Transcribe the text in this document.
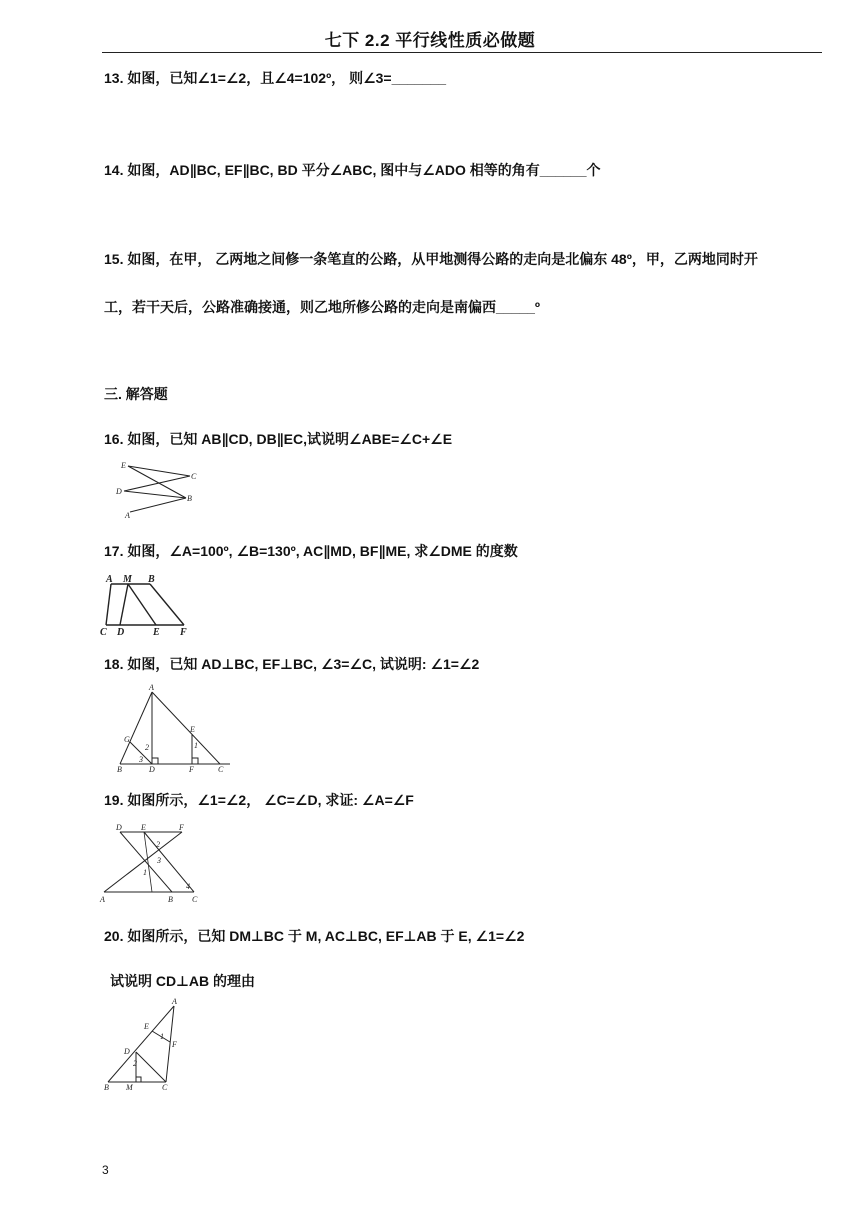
七下 2.2 平行线性质必做题
13. 如图，已知∠1=∠2，且∠4=102º， 则∠3=_______
14. 如图，AD∥BC, EF∥BC, BD 平分∠ABC, 图中与∠ADO 相等的角有______个
15. 如图，在甲， 乙两地之间修一条笔直的公路，从甲地测得公路的走向是北偏东 48º，甲，乙两地同时开
工，若干天后，公路准确接通，则乙地所修公路的走向是南偏西_____º
三. 解答题
16. 如图，已知 AB∥CD, DB∥EC,试说明∠ABE=∠C+∠E
E
C
D
B
A
17. 如图，∠A=100º, ∠B=130º, AC∥MD, BF∥ME, 求∠DME 的度数
A M B
C D	E F
18. 如图，已知 AD⊥BC, EF⊥BC, ∠3=∠C, 试说明: ∠1=∠2
A
E
G
2	1
3
B	D	F	C
19. 如图所示，∠1=∠2， ∠C=∠D, 求证: ∠A=∠F
D E	F
2
3
1
4
A	B C
20. 如图所示，已知 DM⊥BC 于 M, AC⊥BC, EF⊥AB 于 E, ∠1=∠2
试说明 CD⊥AB 的理由
A
E
1
F
D
2
B M	C
3
